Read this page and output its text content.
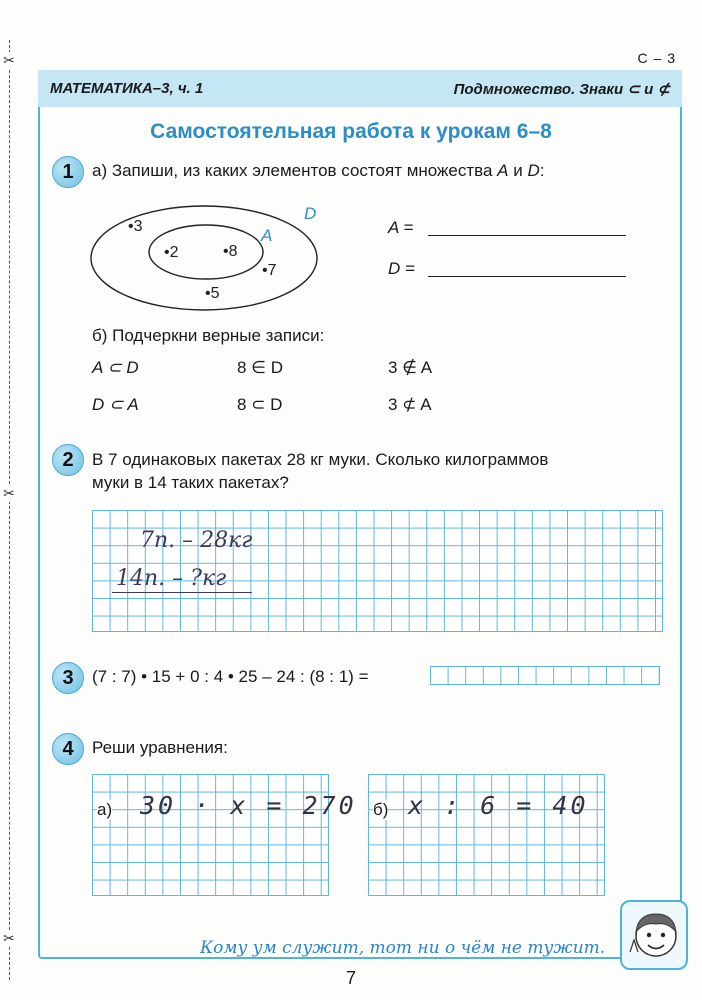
✂
✂
✂
С – 3
МАТЕМАТИКА–3, ч. 1	Подмножество. Знаки ⊂ и ⊄
Самостоятельная работа к урокам 6–8
1	а) Запиши, из каких элементов состоят множества A и D:
D
A
•3
•2	•8
•7
•5
A =
D =
б) Подчеркни верные записи:
A ⊂ D	8 ∈ D	3 ∉ A
D ⊂ A	8 ⊂ D	3 ⊄ A
2	В 7 одинаковых пакетах 28 кг муки. Сколько килограммов
муки в 14 таких пакетах?
7п. – 28кг
14п. – ?кг
3	(7 : 7) • 15 + 0 : 4 • 25 – 24 : (8 : 1) =
4	Реши уравнения:
а) 30 · x = 270 б) x : 6 = 40
Кому ум служит, тот ни о чём не тужит.
7
